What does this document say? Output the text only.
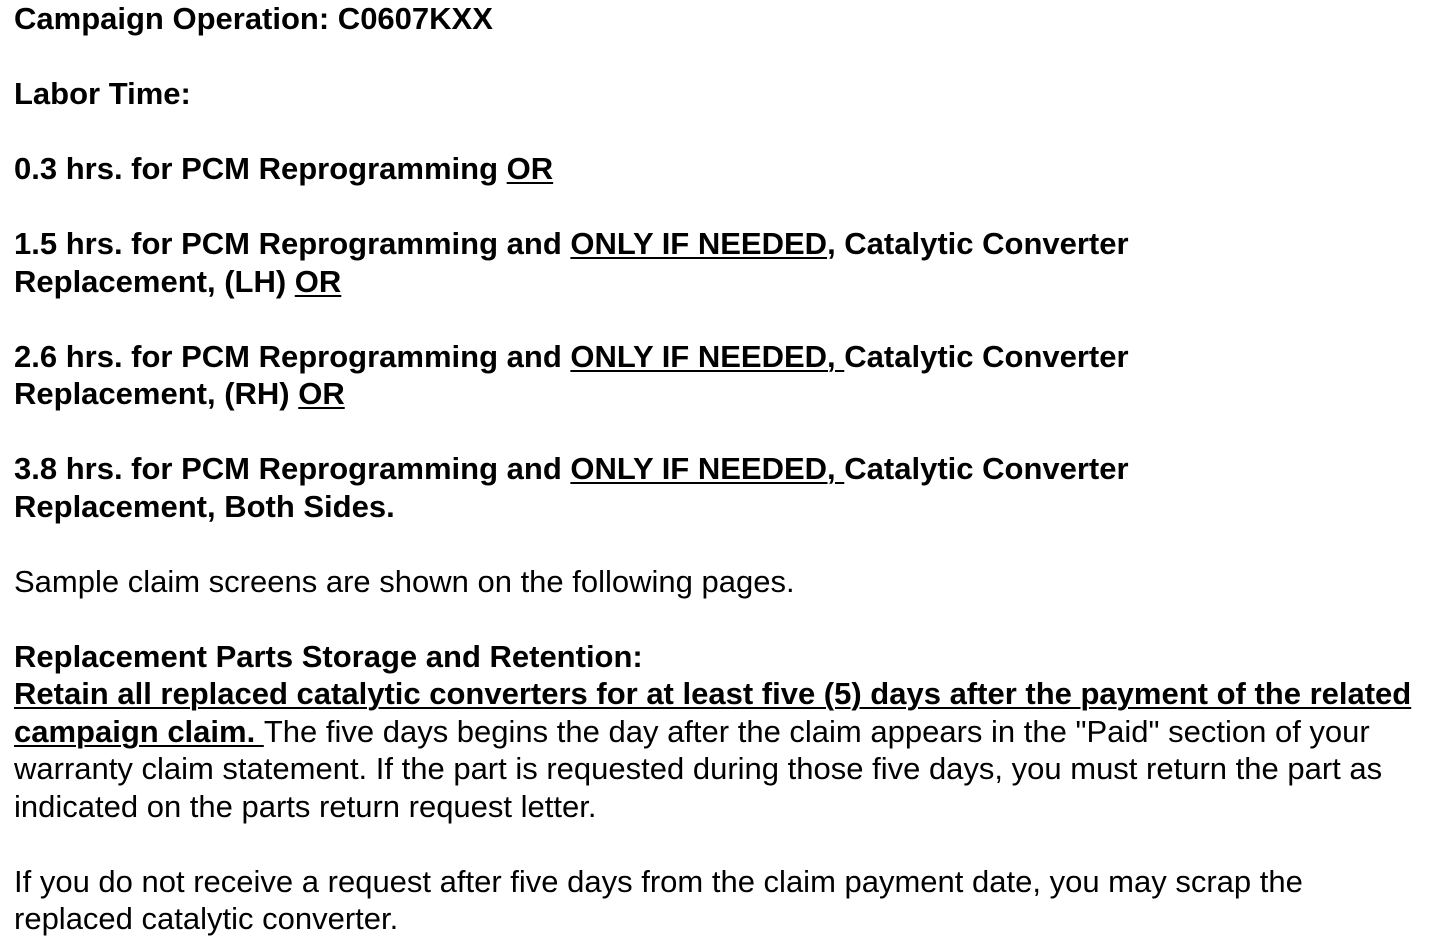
Campaign Operation: C0607KXX

Labor Time:

0.3 hrs. for PCM Reprogramming OR

1.5 hrs. for PCM Reprogramming and ONLY IF NEEDED, Catalytic Converter
Replacement, (LH) OR

2.6 hrs. for PCM Reprogramming and ONLY IF NEEDED, Catalytic Converter
Replacement, (RH) OR

3.8 hrs. for PCM Reprogramming and ONLY IF NEEDED, Catalytic Converter
Replacement, Both Sides.

Sample claim screens are shown on the following pages.

Replacement Parts Storage and Retention:

Retain all replaced catalytic converters for at least five (5) days after the payment of the related campaign claim. The five days begins the day after the claim appears in the "Paid" section of your warranty claim statement. If the part is requested during those five days, you must return the part as indicated on the parts return request letter.

If you do not receive a request after five days from the claim payment date, you may scrap the replaced catalytic converter.
